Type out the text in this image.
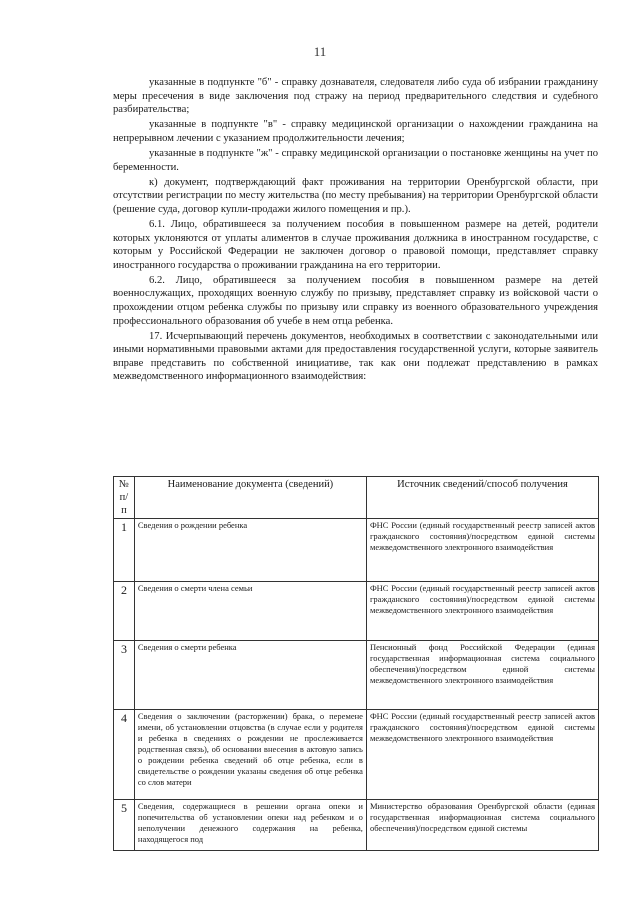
11

указанные в подпункте "б" - справку дознавателя, следователя либо суда об избрании гражданину меры пресечения в виде заключения под стражу на период предварительного следствия и судебного разбирательства;

указанные в подпункте "в" - справку медицинской организации о нахождении гражданина на непрерывном лечении с указанием продолжительности лечения;

указанные в подпункте "ж" - справку медицинской организации о постановке женщины на учет по беременности.

к) документ, подтверждающий факт проживания на территории Оренбургской области, при отсутствии регистрации по месту жительства (по месту пребывания) на территории Оренбургской области (решение суда, договор купли-продажи жилого помещения и пр.).

6.1. Лицо, обратившееся за получением пособия в повышенном размере на детей, родители которых уклоняются от уплаты алиментов в случае проживания должника в иностранном государстве, с которым у Российской Федерации не заключен договор о правовой помощи, представляет справку иностранного государства о проживании гражданина на его территории.

6.2. Лицо, обратившееся за получением пособия в повышенном размере на детей военнослужащих, проходящих военную службу по призыву, представляет справку из войсковой части о прохождении отцом ребенка службы по призыву или справку из военного образовательного учреждения профессионального образования об учебе в нем отца ребенка.

17. Исчерпывающий перечень документов, необходимых в соответствии с законодательными или иными нормативными правовыми актами для предоставления государственной услуги, которые заявитель вправе представить по собственной инициативе, так как они подлежат представлению в рамках межведомственного информационного взаимодействия:

№ п/п	Наименование документа (сведений)	Источник сведений/способ получения
1	Сведения о рождении ребенка	ФНС России (единый государственный реестр записей актов гражданского состояния)/посредством единой системы межведомственного электронного взаимодействия
2	Сведения о смерти члена семьи	ФНС России (единый государственный реестр записей актов гражданского состояния)/посредством единой системы межведомственного электронного взаимодействия
3	Сведения о смерти ребенка	Пенсионный фонд Российской Федерации (единая государственная информационная система социального обеспечения)/посредством единой системы межведомственного электронного взаимодействия
4	Сведения о заключении (расторжении) брака, о перемене имени, об установлении отцовства (в случае если у родителя и ребенка в сведениях о рождении не прослеживается родственная связь), об основании внесения в актовую запись о рождении ребенка сведений об отце ребенка, если в свидетельстве о рождении указаны сведения об отце ребенка со слов матери	ФНС России (единый государственный реестр записей актов гражданского состояния)/посредством единой системы межведомственного электронного взаимодействия
5	Сведения, содержащиеся в решении органа опеки и попечительства об установлении опеки над ребенком и о неполучении денежного содержания на ребенка, находящегося под	Министерство образования Оренбургской области (единая государственная информационная система социального обеспечения)/посредством единой системы
